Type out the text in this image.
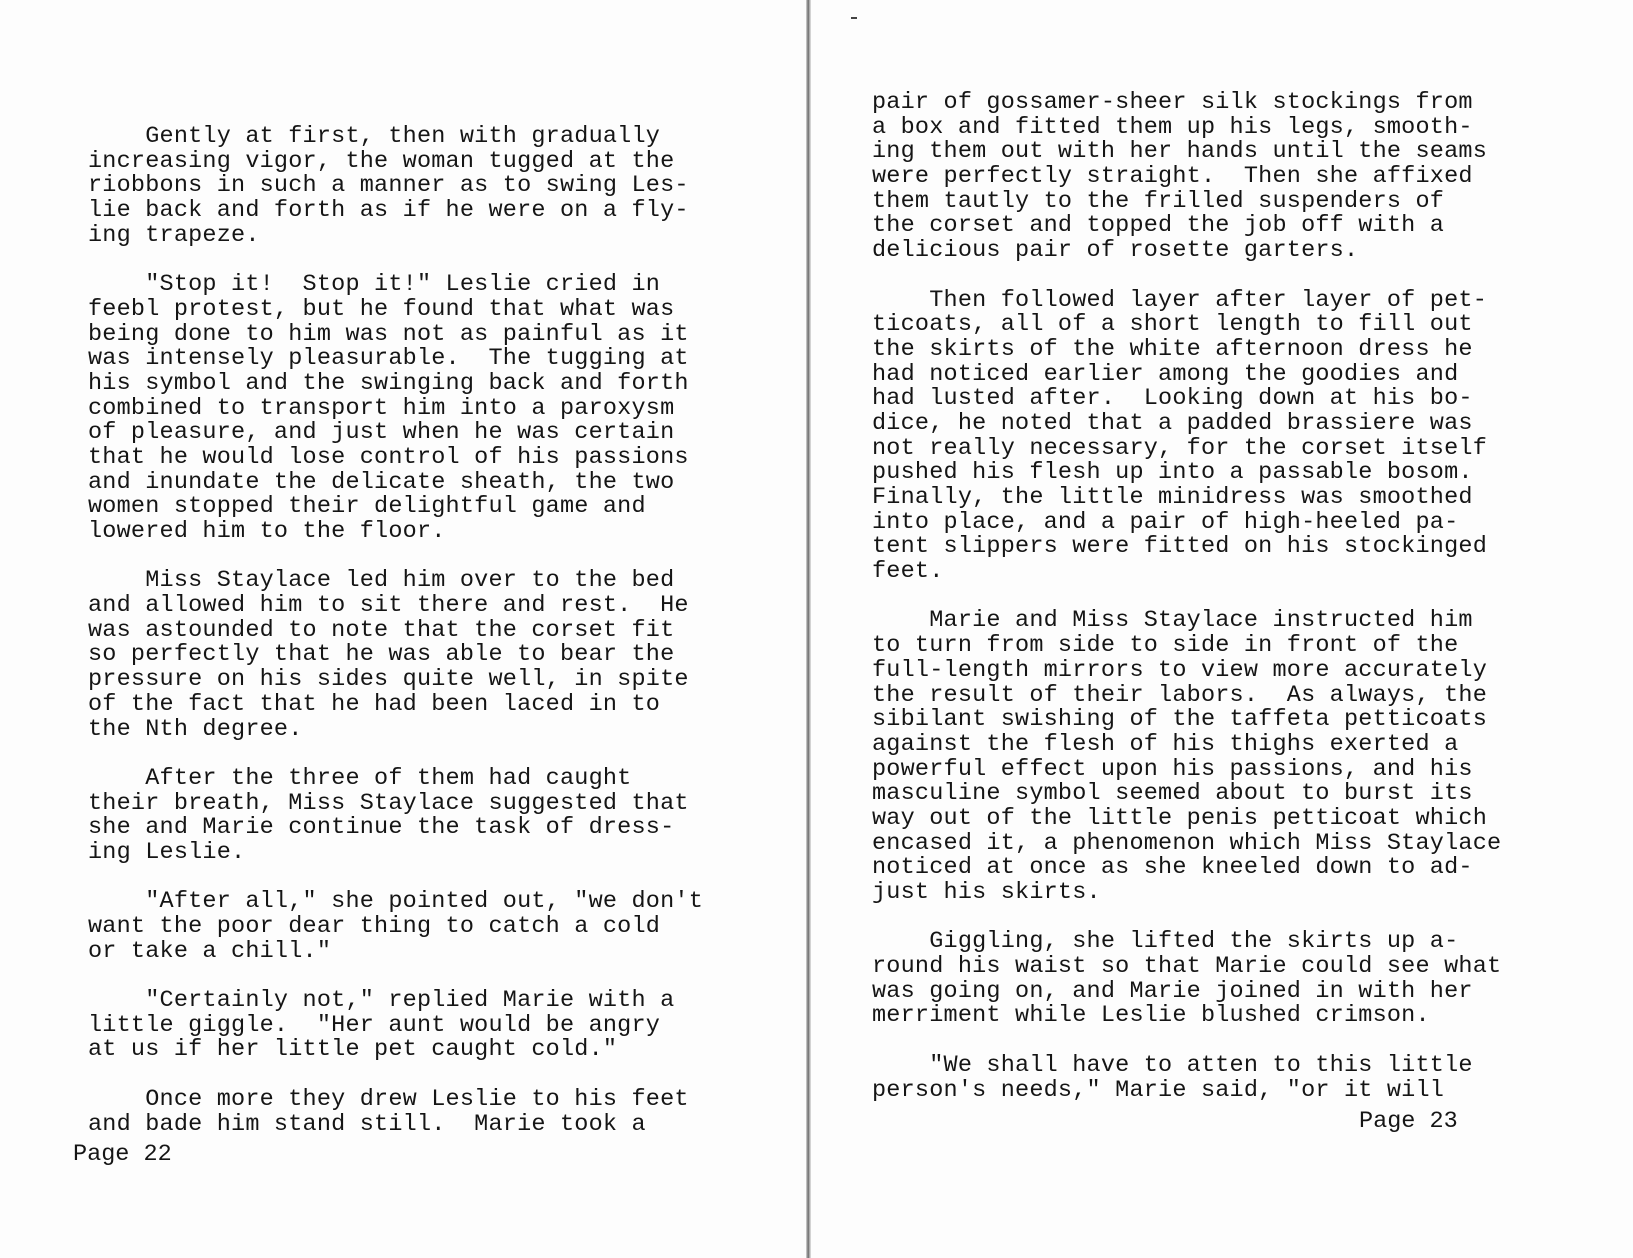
Gently at first, then with gradually
increasing vigor, the woman tugged at the
riobbons in such a manner as to swing Les-
lie back and forth as if he were on a fly-
ing trapeze.
"Stop it!  Stop it!" Leslie cried in
feebl protest, but he found that what was
being done to him was not as painful as it
was intensely pleasurable.  The tugging at
his symbol and the swinging back and forth
combined to transport him into a paroxysm
of pleasure, and just when he was certain
that he would lose control of his passions
and inundate the delicate sheath, the two
women stopped their delightful game and
lowered him to the floor.
Miss Staylace led him over to the bed
and allowed him to sit there and rest.  He
was astounded to note that the corset fit
so perfectly that he was able to bear the
pressure on his sides quite well, in spite
of the fact that he had been laced in to
the Nth degree.
After the three of them had caught
their breath, Miss Staylace suggested that
she and Marie continue the task of dress-
ing Leslie.
"After all," she pointed out, "we don't
want the poor dear thing to catch a cold
or take a chill."
"Certainly not," replied Marie with a
little giggle.  "Her aunt would be angry
at us if her little pet caught cold."
Once more they drew Leslie to his feet
and bade him stand still.  Marie took a
Page 22
pair of gossamer-sheer silk stockings from
a box and fitted them up his legs, smooth-
ing them out with her hands until the seams
were perfectly straight.  Then she affixed
them tautly to the frilled suspenders of
the corset and topped the job off with a
delicious pair of rosette garters.
Then followed layer after layer of pet-
ticoats, all of a short length to fill out
the skirts of the white afternoon dress he
had noticed earlier among the goodies and
had lusted after.  Looking down at his bo-
dice, he noted that a padded brassiere was
not really necessary, for the corset itself
pushed his flesh up into a passable bosom.
Finally, the little minidress was smoothed
into place, and a pair of high-heeled pa-
tent slippers were fitted on his stockinged
feet.
Marie and Miss Staylace instructed him
to turn from side to side in front of the
full-length mirrors to view more accurately
the result of their labors.  As always, the
sibilant swishing of the taffeta petticoats
against the flesh of his thighs exerted a
powerful effect upon his passions, and his
masculine symbol seemed about to burst its
way out of the little penis petticoat which
encased it, a phenomenon which Miss Staylace
noticed at once as she kneeled down to ad-
just his skirts.
Giggling, she lifted the skirts up a-
round his waist so that Marie could see what
was going on, and Marie joined in with her
merriment while Leslie blushed crimson.
"We shall have to atten to this little
person's needs," Marie said, "or it will
Page 23
